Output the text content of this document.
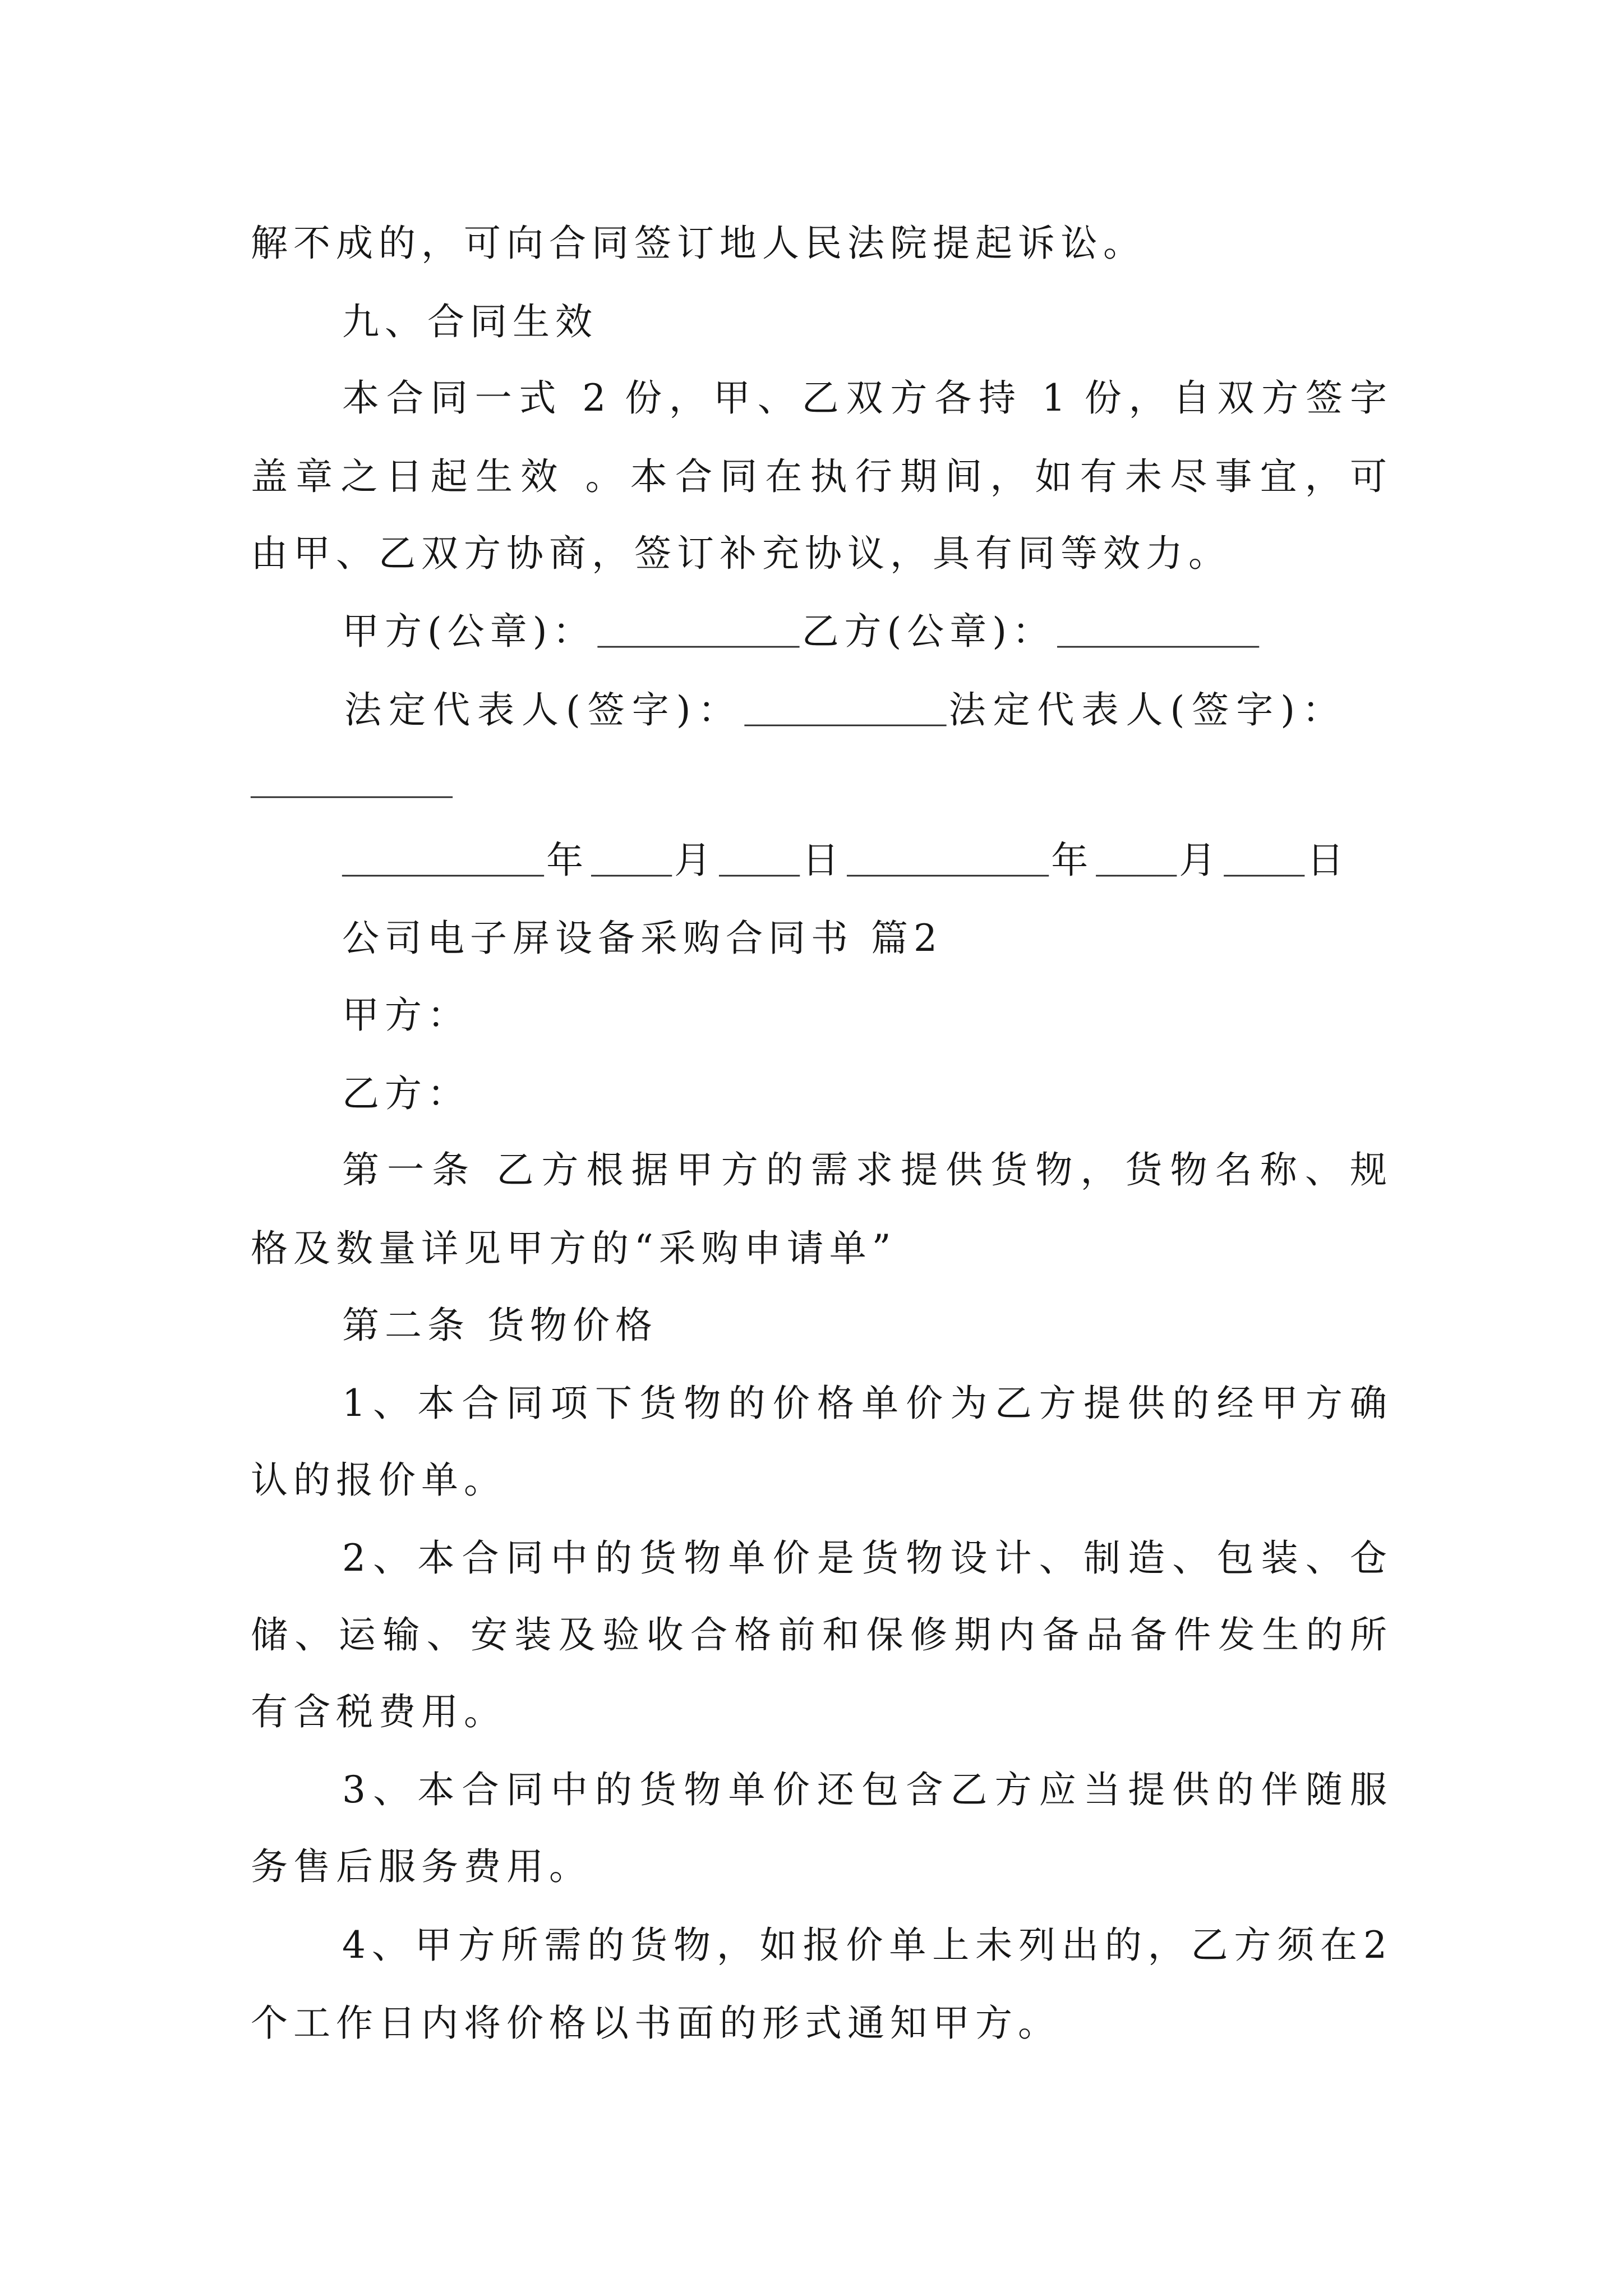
解不成的，可向合同签订地人民法院提起诉讼。

九、合同生效

本合同一式 2 份，甲、乙双方各持 1 份，自双方签字

盖章之日起生效 。本合同在执行期间，如有未尽事宜，可

由甲、乙双方协商，签订补充协议，具有同等效力。

甲方(公章)：__________乙方(公章)：__________
法定代表人(签字)：__________法定代表人(签字)：
__________
__________年____月____日__________年____月____日

公司电子屏设备采购合同书 篇2

甲方：

乙方：

第一条 乙方根据甲方的需求提供货物，货物名称、规

格及数量详见甲方的“采购申请单”

第二条 货物价格

1、本合同项下货物的价格单价为乙方提供的经甲方确

认的报价单。

2、本合同中的货物单价是货物设计、制造、包装、仓

储、运输、安装及验收合格前和保修期内备品备件发生的所

有含税费用。

3、本合同中的货物单价还包含乙方应当提供的伴随服

务售后服务费用。

4、甲方所需的货物，如报价单上未列出的，乙方须在2

个工作日内将价格以书面的形式通知甲方。
